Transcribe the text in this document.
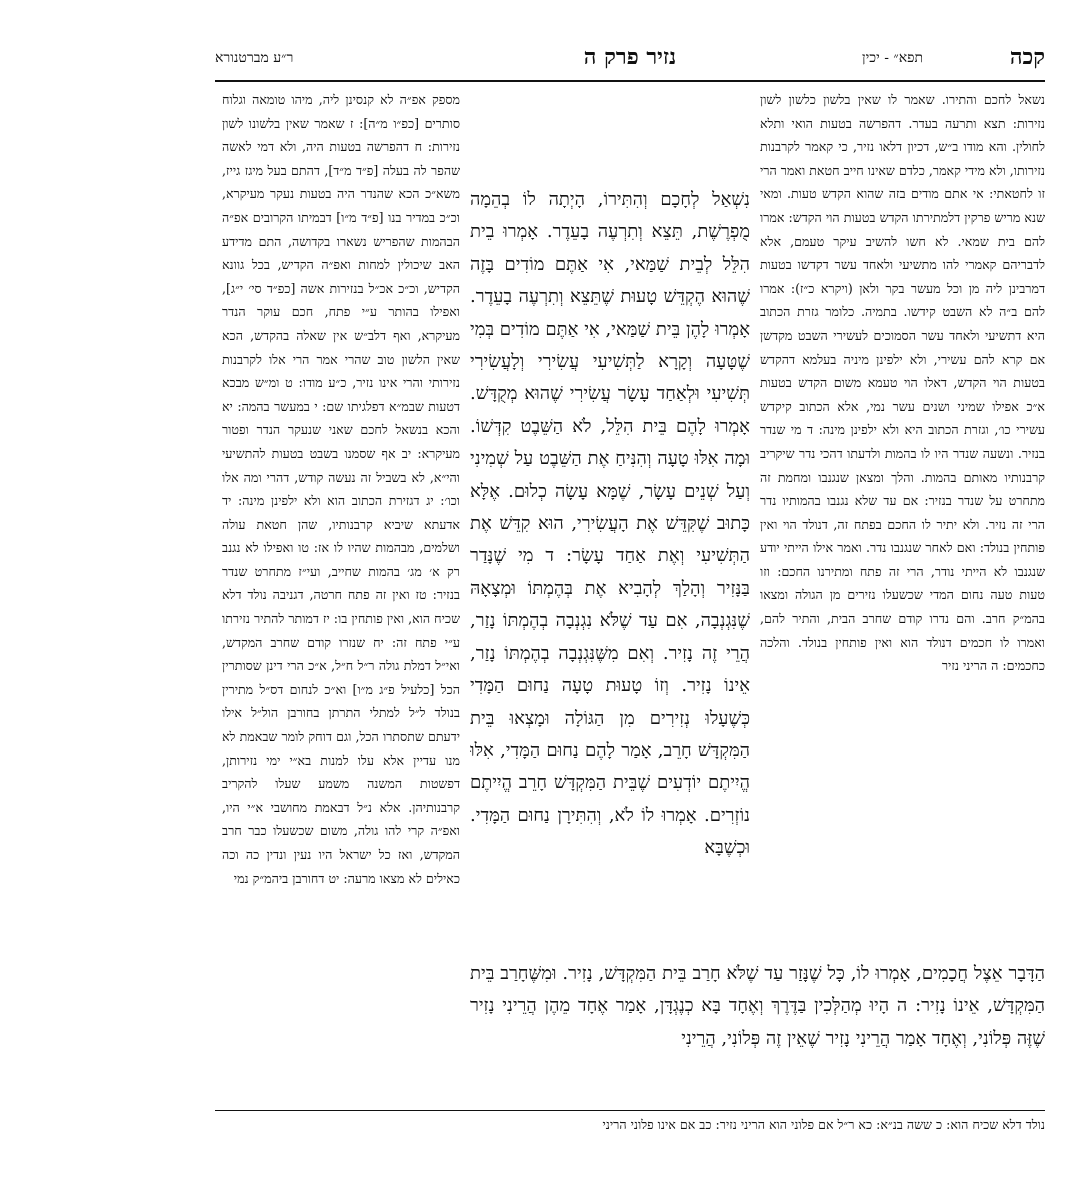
קכה
תפא״ - יכין
נזיר פרק ה
ר״ע מברטנורא
נשאל לחכם והתירו. שאמר לו שאין בלשון כלשון לשון נזירות: תצא ותרעה בעדר. דהפרשה בטעות הואי ותלא לחולין. והא מודו ב״ש, דכיון דלאו נזיר, כי קאמר לקרבנות נזירותו, ולא מידי קאמר, כלדם שאינו חייב חטאת ואמר הרי זו לחטאתי: אי אתם מודים בזה שהוא הקדש טעות. ומאי שנא מריש פרקין דלמתירתו הקדש בטעות הוי הקדש: אמרו להם בית שמאי. לא חשו להשיב עיקר טעמם, אלא לדבריהם קאמרי להו מתשיעי ולאחד עשר דקדשו בטעות דמרבינן ליה מן וכל מעשר בקר ולאן (ויקרא כ״ז): אמרו להם ב״ה לא השבט קידשו. בתמיה. כלומר גזרת הכתוב היא דתשיעי ולאחד עשר הסמוכים לעשירי השבט מקדשן אם קרא להם עשירי, ולא ילפינן מיניה בעלמא דהקדש בטעות הוי הקדש, דאלו הוי טעמא משום הקדש בטעות א״כ אפילו שמיני ושנים עשר נמי, אלא הכתוב קיקדש עשירי כו׳, וגזרת הכתוב היא ולא ילפינן מינה: ד מי שנדר בנזיר. ונשעה שנדר היו לו בהמות ולדעתו דהכי נדר שיקריב קרבנותיו מאותם בהמות. והלך ומצאן שנגנבו ומחמת זה מתחרט על שנדר בנזיר: אם עד שלא נגנבו בהמותיו נדר הרי זה נזיר. ולא יתיר לו החכם בפתח זה, דנולד הוי ואין פותחין בנולד: ואם לאחר שנגנבו נדר. ואמר אילו הייתי יודע שנגנבו לא הייתי נודר, הרי זה פתח ומתירנו החכם: וזו טעות טעה נחום המדי שכשעלו נזירים מן הגולה ומצאו בהמ״ק חרב. והם נדרו קודם שחרב הבית, והתיר להם, ואמרו לו חכמים דנולד הוא ואין פותחין בנולד. והלכה כחכמים: ה הריני נזיר
נִשְׁאַל לְחָכָם וְהִתִּירוֹ, הָיְתָה לוֹ בְהֵמָה מֻפְרֶשֶׁת, תֵּצֵא וְתִרְעֶה בָעֵדֶר. אָמְרוּ בֵית הִלֵּל לְבֵית שַׁמַּאי, אִי אַתֶּם מוֹדִים בָּזֶה שֶׁהוּא הֶקְדֵּשׁ טָעוּת שֶׁתֵּצֵא וְתִרְעֶה בָעֵדֶר. אָמְרוּ לָהֶן בֵּית שַׁמַּאי, אִי אַתֶּם מוֹדִים בְּמִי שֶׁטָּעָה וְקָרָא לַתְּשִׁיעִי עֲשִׂירִי וְלָעֲשִׂירִי תְּשִׁיעִי וּלְאַחַד עָשָׂר עֲשִׂירִי שֶׁהוּא מְקֻדָּשׁ. אָמְרוּ לָהֶם בֵּית הִלֵּל, לֹא הַשֵּׁבֶט קִדְּשׁוֹ. וּמָה אִלּוּ טָעָה וְהִנִּיחַ אֶת הַשֵּׁבֶט עַל שְׁמִינִי וְעַל שְׁנֵים עָשָׂר, שֶׁמָּא עָשָׂה כְלוּם. אֶלָּא כָּתוּב שֶׁקִּדֵּשׁ אֶת הָעֲשִׂירִי, הוּא קִדֵּשׁ אֶת הַתְּשִׁיעִי וְאֶת אַחַד עָשָׂר: ד מִי שֶׁנָּדַר בַּנָּזִיר וְהָלַךְ לְהָבִיא אֶת בְּהֶמְתּוֹ וּמְצָאָהּ שֶׁנִּגְנְבָה, אִם עַד שֶׁלֹּא נִגְנְבָה בְהֶמְתּוֹ נָזַר, הֲרֵי זֶה נָזִיר. וְאִם מִשֶּׁנִּגְנְבָה בְהֶמְתּוֹ נָזַר, אֵינוֹ נָזִיר. וְזוֹ טָעוּת טָעָה נַחוּם הַמָּדִי כְּשֶׁעָלוּ נְזִירִים מִן הַגּוֹלָה וּמָצְאוּ בֵּית הַמִּקְדָּשׁ חָרֵב, אָמַר לָהֶם נַחוּם הַמָּדִי, אִלּוּ הֱיִיתֶם יוֹדְעִים שֶׁבֵּית הַמִּקְדָּשׁ חָרֵב הֱיִיתֶם נוֹזְרִים. אָמְרוּ לוֹ לֹא, וְהִתִּירָן נַחוּם הַמָּדִי. וּכְשֶׁבָּא
מספק אפ״ה לא קנסינן ליה, מיהו טומאה וגלוח סותרים [כפ״ו מ״ה]: ז שאמר שאין בלשונו לשון נזירות: ח דהפרשה בטעות היה, ולא דמי לאשה שהפר לה בעלה [פ״ד מ״ד], דהתם בעל מיגז גייז, משא״כ הכא שהנדר היה בטעות נעקר מעיקרא, וכ״כ במדיר בנו [פ״ד מ״ו] דבמיתו הקרובים אפ״ה הבהמות שהפריש נשארו בקדושה, התם מדידע האב שיכולין למחות ואפ״ה הקדיש, בכל גוונא הקדיש, וכ״כ אכ״ל בנזירות אשה [כפ״ד סי׳ י״ג], ואפילו בהותר ע״י פתח, חכם עוקר הנדר מעיקרא, ואף דלב״ש אין שאלה בהקדש, הכא שאין הלשון טוב שהרי אמר הרי אלו לקרבנות נזירותי והרי אינו נזיר, כ״ע מודו: ט ומ״ש מבכא דטעות שבמ״א דפלגיתו שם: י במעשר בהמה: יא והכא בנשאל לחכם שאני שנעקר הנדר ופטור מעיקרא: יב אף שסמנו בשבט בטעות להתשיעי והי״א, לא בשביל זה נעשה קודש, דהרי ומה אלו וכו׳: יג דגזירת הכתוב הוא ולא ילפינן מינה: יד אדעתא שיביא קרבנותיו, שהן חטאת עולה ושלמים, מבהמות שהיו לו אז: טו ואפילו לא נגנב רק א׳ מג׳ בהמות שחייב, ועי״ז מתחרט שנדר בנזיר: טז ואין זה פתח חרטה, דגניבה נולד דלא שכיח הוא, ואין פותחין בו: יז דמותר להתיר נזירתו ע״י פתח זה: יח שנזרו קודם שחרב המקדש, ואי״ל דמלת גולה ר״ל ח״ל, א״כ הרי דינן שסותרין הכל [כלעיל פ״ג מ״ו] וא״כ לנחום דס״ל מתירין בנולד ל״ל למתלי התרתן בחורבן הול״ל אילו ידעתם שתסתרו הכל, וגם דוחק לומר שבאמת לא מנו עדיין אלא עלו למנות בא״י ימי נזירותן, דפשטות המשנה משמע שעלו להקריב קרבנותיהן. אלא נ״ל דבאמת מחושבי א״י היו, ואפ״ה קרי להו גולה, משום שכשעלו כבר חרב המקדש, ואז כל ישראל היו נעין ונדין כה וכה כאילים לא מצאו מרעה: יט דחורבן ביהמ״ק נמי
הַדָּבָר אֵצֶל חֲכָמִים, אָמְרוּ לוֹ, כָּל שֶׁנָּזַר עַד שֶׁלֹּא חָרַב בֵּית הַמִּקְדָּשׁ, נָזִיר. וּמִשֶּׁחָרַב בֵּית הַמִּקְדָּשׁ, אֵינוֹ נָזִיר: ה הָיוּ מְהַלְּכִין בַּדֶּרֶךְ וְאֶחָד בָּא כְנֶגְדָּן, אָמַר אֶחָד מֵהֶן הֲרֵינִי נָזִיר שֶׁזֶּה פְּלוֹנִי, וְאֶחָד אָמַר הֲרֵינִי נָזִיר שֶׁאֵין זֶה פְּלוֹנִי, הֲרֵינִי
נולד דלא שכיח הוא: כ ששה בנ״א: כא ר״ל אם פלוני הוא הריני נזיר: כב אם אינו פלוני הריני
